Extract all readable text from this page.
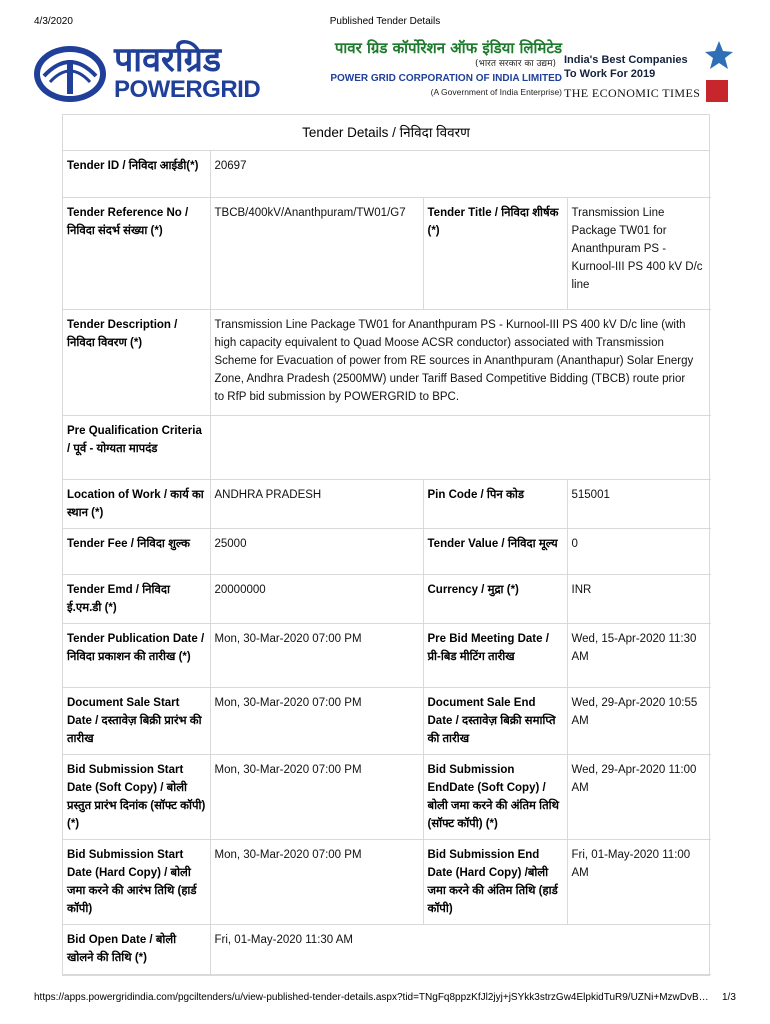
4/3/2020	Published Tender Details
पावरग्रिड
POWERGRID
पावर ग्रिड कॉर्पोरेशन ऑफ इंडिया लिमिटेड
(भारत सरकार का उद्यम)
POWER GRID CORPORATION OF INDIA LIMITED
(A Government of India Enterprise)
India's Best Companies
To Work For 2019
THE ECONOMIC TIMES
Tender Details / निविदा विवरण
Tender ID / निविदा आईडी(*)	20697		
Tender Reference No / निविदा संदर्भ संख्या (*)	TBCB/400kV/Ananthpuram/TW01/G7	Tender Title / निविदा शीर्षक (*)	Transmission Line Package TW01 for Ananthpuram PS - Kurnool-III PS 400 kV D/c line
Tender Description / निविदा विवरण (*)	Transmission Line Package TW01 for Ananthpuram PS - Kurnool-III PS 400 kV D/c line (with high capacity equivalent to Quad Moose ACSR conductor) associated with Transmission Scheme for Evacuation of power from RE sources in Ananthpuram (Ananthapur) Solar Energy Zone, Andhra Pradesh (2500MW) under Tariff Based Competitive Bidding (TBCB) route prior to RfP bid submission by POWERGRID to BPC.		
Pre Qualification Criteria / पूर्व - योग्यता मापदंड			
Location of Work / कार्य का स्थान (*)	ANDHRA PRADESH	Pin Code / पिन कोड	515001
Tender Fee / निविदा शुल्क	25000	Tender Value / निविदा मूल्य	0
Tender Emd / निविदा ई.एम.डी (*)	20000000	Currency / मुद्रा (*)	INR
Tender Publication Date / निविदा प्रकाशन की तारीख (*)	Mon, 30-Mar-2020 07:00 PM	Pre Bid Meeting Date / प्री-बिड मीटिंग तारीख	Wed, 15-Apr-2020 11:30 AM
Document Sale Start Date / दस्तावेज़ बिक्री प्रारंभ की तारीख	Mon, 30-Mar-2020 07:00 PM	Document Sale End Date / दस्तावेज़ बिक्री समाप्ति की तारीख	Wed, 29-Apr-2020 10:55 AM
Bid Submission Start Date (Soft Copy) / बोली प्रस्तुत प्रारंभ दिनांक (सॉफ्ट कॉपी) (*)	Mon, 30-Mar-2020 07:00 PM	Bid Submission EndDate (Soft Copy) / बोली जमा करने की अंतिम तिथि (सॉफ्ट कॉपी) (*)	Wed, 29-Apr-2020 11:00 AM
Bid Submission Start Date (Hard Copy) / बोली जमा करने की आरंभ तिथि (हार्ड कॉपी)	Mon, 30-Mar-2020 07:00 PM	Bid Submission End Date (Hard Copy) /बोली जमा करने की अंतिम तिथि (हार्ड कॉपी)	Fri, 01-May-2020 11:00 AM
Bid Open Date / बोली खोलने की तिथि (*)	Fri, 01-May-2020 11:30 AM		
https://apps.powergridindia.com/pgciltenders/u/view-published-tender-details.aspx?tid=TNgFq8ppzKfJl2jyj+jSYkk3strzGw4ElpkidTuR9/UZNi+MzwDvB…	1/3
